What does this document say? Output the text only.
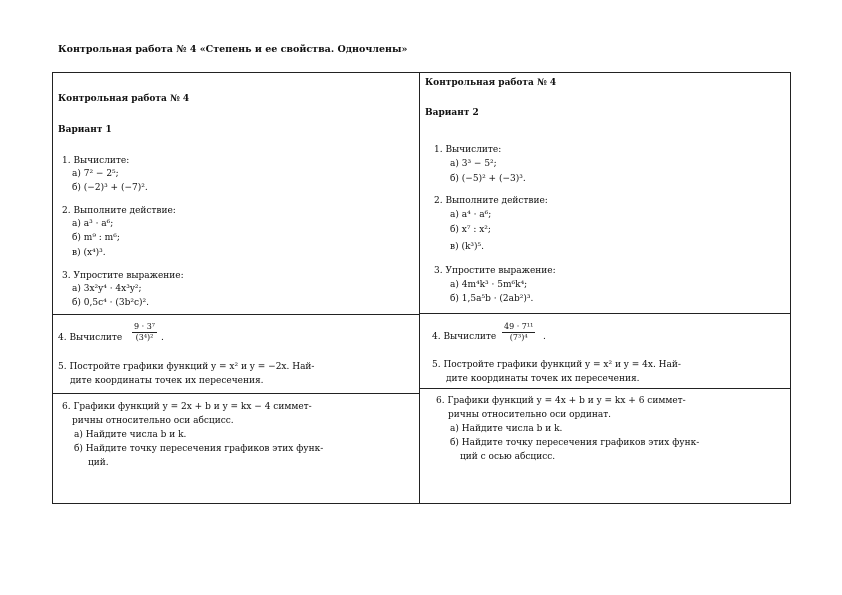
Контрольная работа № 4 «Степень и ее свойства. Одночлены»
Контрольная работа № 4
Вариант 1
1. Вычислите:
а) 7² − 2⁵;
б) (−2)³ + (−7)².
2. Выполните действие:
а) a³ · a⁶;
б) m⁹ : m⁶;
в) (x⁴)³.
3. Упростите выражение:
а) 3x²y⁴ · 4x³y²;
б) 0,5c⁴ · (3b²c)².
4. Вычислите $\frac{\text{9 · 3⁷}}{\text{(3⁴)²}}$ .
5. Постройте графики функций y = x² и y = −2x. Най-
дите координаты точек их пересечения.
6. Графики функций y = 2x + b и y = kx − 4 симмет-
ричны относительно оси абсцисс.
а) Найдите числа b и k.
б) Найдите точку пересечения графиков этих функ-
ций.
Контрольная работа № 4
Вариант 2
1. Вычислите:
а) 3³ − 5²;
б) (−5)² + (−3)³.
2. Выполните действие:
а) a⁴ · a⁶;
б) x⁷ : x²;
в) (k³)⁵.
3. Упростите выражение:
а) 4m⁴k³ · 5m⁶k⁴;
б) 1,5a⁵b · (2ab²)³.
4. Вычислите $\frac{\text{49 · 7¹¹}}{\text{(7³)⁴}}$ .
5. Постройте графики функций y = x² и y = 4x. Най-
дите координаты точек их пересечения.
6. Графики функций y = 4x + b и y = kx + 6 симмет-
ричны относительно оси ординат.
а) Найдите числа b и k.
б) Найдите точку пересечения графиков этих функ-
ций с осью абсцисс.
